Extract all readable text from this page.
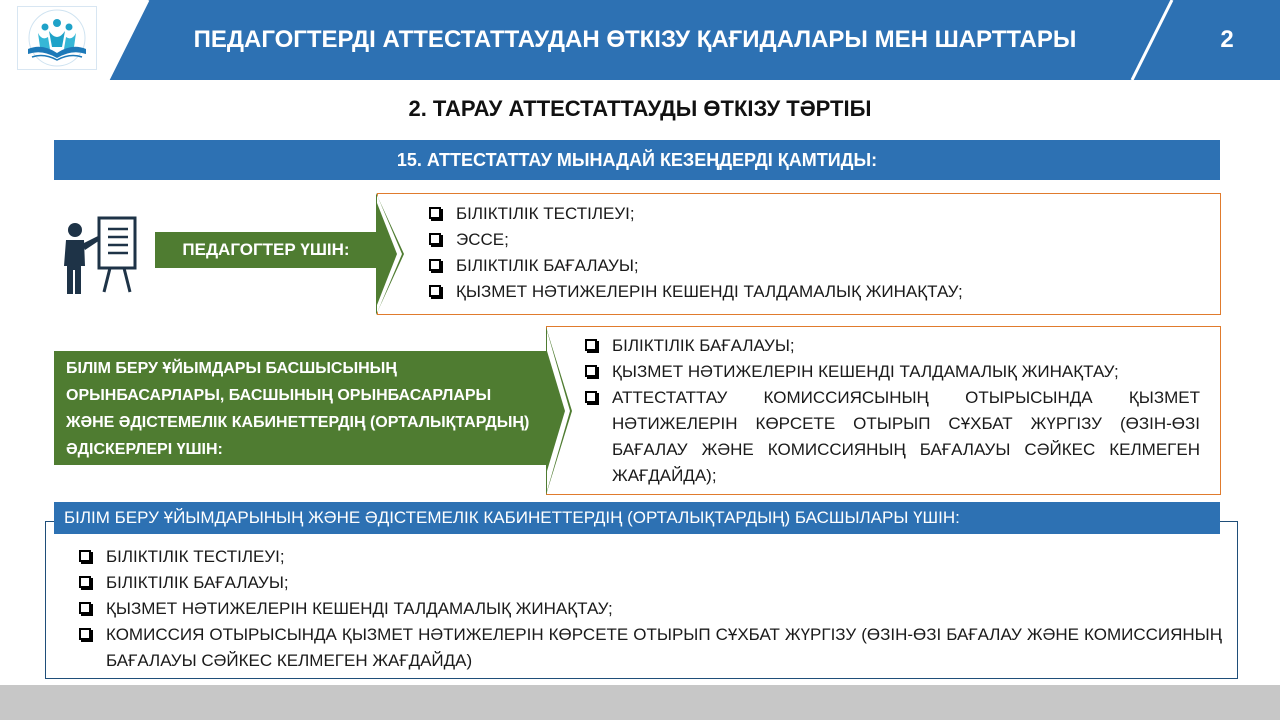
ПЕДАГОГТЕРДІ АТТЕСТАТТАУДАН ӨТКІЗУ ҚАҒИДАЛАРЫ МЕН ШАРТТАРЫ	2
2. ТАРАУ АТТЕСТАТТАУДЫ ӨТКІЗУ ТӘРТІБІ
15. АТТЕСТАТТАУ МЫНАДАЙ КЕЗЕҢДЕРДІ ҚАМТИДЫ:
ПЕДАГОГТЕР ҮШІН:
БІЛІКТІЛІК ТЕСТІЛЕУІ;
ЭССЕ;
БІЛІКТІЛІК БАҒАЛАУЫ;
ҚЫЗМЕТ НӘТИЖЕЛЕРІН КЕШЕНДІ ТАЛДАМАЛЫҚ ЖИНАҚТАУ;
БІЛІМ БЕРУ ҰЙЫМДАРЫ БАСШЫСЫНЫҢ ОРЫНБАСАРЛАРЫ, БАСШЫНЫҢ ОРЫНБАСАРЛАРЫ ЖӘНЕ ӘДІСТЕМЕЛІК КАБИНЕТТЕРДІҢ (ОРТАЛЫҚТАРДЫҢ) ӘДІСКЕРЛЕРІ ҮШІН:
БІЛІКТІЛІК БАҒАЛАУЫ;
ҚЫЗМЕТ НӘТИЖЕЛЕРІН КЕШЕНДІ ТАЛДАМАЛЫҚ ЖИНАҚТАУ;
АТТЕСТАТТАУ КОМИССИЯСЫНЫҢ ОТЫРЫСЫНДА ҚЫЗМЕТ НӘТИЖЕЛЕРІН КӨРСЕТЕ ОТЫРЫП СҰХБАТ ЖҮРГІЗУ (ӨЗІН-ӨЗІ БАҒАЛАУ ЖӘНЕ КОМИССИЯНЫҢ БАҒАЛАУЫ СӘЙКЕС КЕЛМЕГЕН ЖАҒДАЙДА);
БІЛІКТІЛІК ТЕСТІЛЕУІ;
БІЛІКТІЛІК БАҒАЛАУЫ;
ҚЫЗМЕТ НӘТИЖЕЛЕРІН КЕШЕНДІ ТАЛДАМАЛЫҚ ЖИНАҚТАУ;
КОМИССИЯ ОТЫРЫСЫНДА ҚЫЗМЕТ НӘТИЖЕЛЕРІН КӨРСЕТЕ ОТЫРЫП СҰХБАТ ЖҮРГІЗУ (ӨЗІН-ӨЗІ БАҒАЛАУ ЖӘНЕ КОМИССИЯНЫҢ БАҒАЛАУЫ СӘЙКЕС КЕЛМЕГЕН ЖАҒДАЙДА)
БІЛІМ БЕРУ ҰЙЫМДАРЫНЫҢ ЖӘНЕ ӘДІСТЕМЕЛІК КАБИНЕТТЕРДІҢ (ОРТАЛЫҚТАРДЫҢ) БАСШЫЛАРЫ ҮШІН:
